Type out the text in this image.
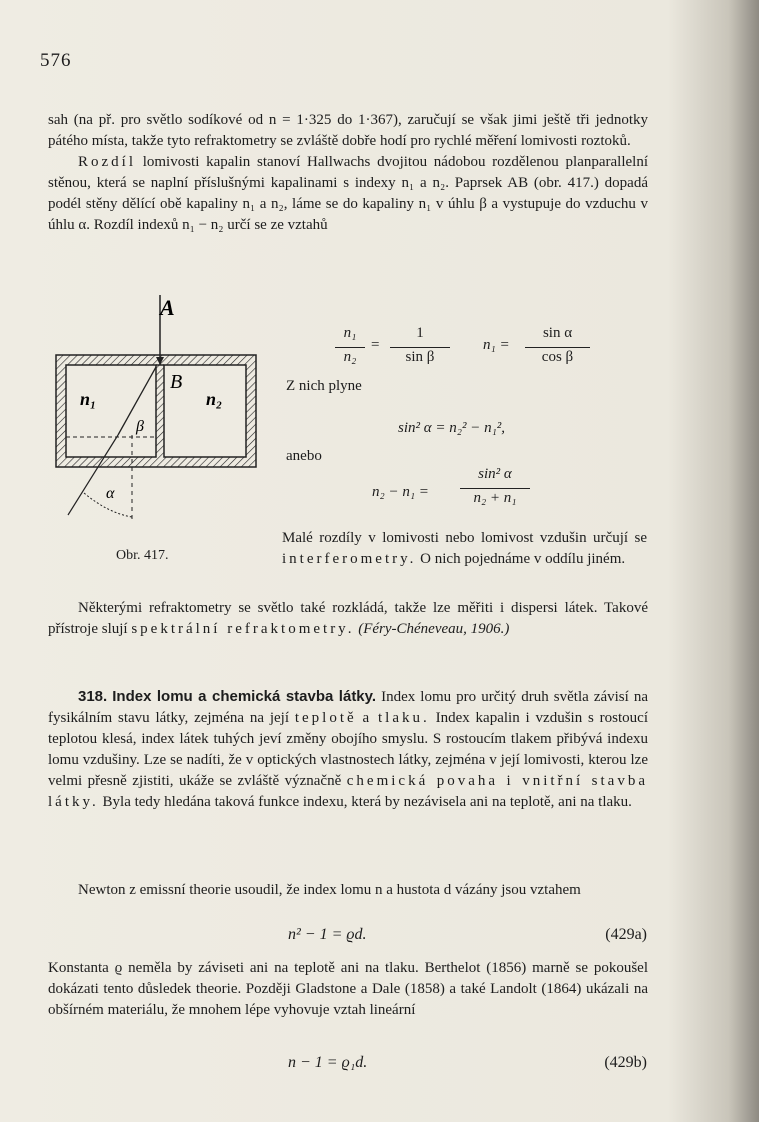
576

sah (na př. pro světlo sodíkové od n = 1·325 do 1·367), zaručují se však jimi ještě tři jednotky pátého místa, takže tyto refraktometry se zvláště dobře hodí pro rychlé měření lomivosti roztoků.

Rozdíl lomivosti kapalin stanoví Hallwachs dvojitou nádobou rozdělenou planparallelní stěnou, která se naplní příslušnými kapalinami s indexy n₁ a n₂. Paprsek AB (obr. 417.) dopadá podél stěny dělící obě kapaliny n₁ a n₂, láme se do kapaliny n₁ v úhlu β a vystupuje do vzduchu v úhlu α. Rozdíl indexů n₁ − n₂ určí se ze vztahů

A
B
n₁	n₂
β
α
n₁
n₂
=
1
sin β
n₁ =
sin α
cos β
Z nich plyne
sin² α = n₂² − n₁²,
anebo
n₂ − n₁ =
sin² α
n₂ + n₁
Malé rozdíly v lomivosti nebo lomivost vzdušin určují se interferometry. O nich pojednáme v oddílu jiném.
Obr. 417.

Některými refraktometry se světlo také rozkládá, takže lze měřiti i dispersi látek. Takové přístroje slují spektrální refraktometry. (Féry-Chéneveau, 1906.)

318. Index lomu a chemická stavba látky. Index lomu pro určitý druh světla závisí na fysikálním stavu látky, zejména na její teplotě a tlaku. Index kapalin i vzdušin s rostoucí teplotou klesá, index látek tuhých jeví změny obojího smyslu. S rostoucím tlakem přibývá indexu lomu vzdušiny. Lze se nadíti, že v optických vlastnostech látky, zejména v její lomivosti, kterou lze velmi přesně zjistiti, ukáže se zvláště význačně chemická povaha i vnitřní stavba látky. Byla tedy hledána taková funkce indexu, která by nezávisela ani na teplotě, ani na tlaku.

Newton z emissní theorie usoudil, že index lomu n a hustota d vázány jsou vztahem

n² − 1 = ϱd.	(429a)

Konstanta ϱ neměla by záviseti ani na teplotě ani na tlaku. Berthelot (1856) marně se pokoušel dokázati tento důsledek theorie. Později Gladstone a Dale (1858) a také Landolt (1864) ukázali na obšírném materiálu, že mnohem lépe vyhovuje vztah lineární

n − 1 = ϱ₁d.	(429b)
